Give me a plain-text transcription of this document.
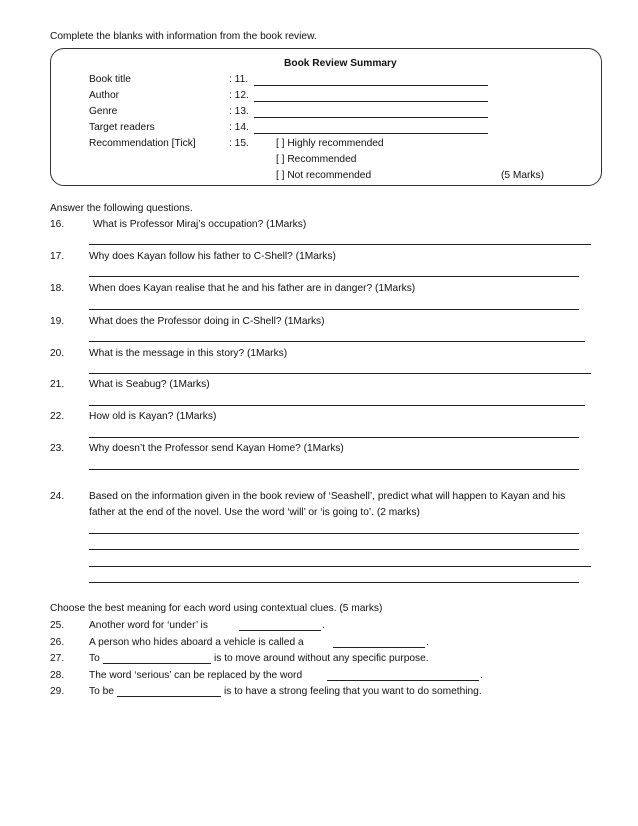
Complete the blanks with information from the book review.
Book Review Summary
Book title	: 11.
Author	: 12.
Genre	: 13.
Target readers	: 14.
Recommendation [Tick]	: 15.	[ ] Highly recommended
[ ] Recommended
[ ] Not recommended	(5 Marks)
Answer the following questions.
16.	What is Professor Miraj’s occupation? (1Marks)
17. Why does Kayan follow his father to C-Shell? (1Marks)
18. When does Kayan realise that he and his father are in danger? (1Marks)
19. What does the Professor doing in C-Shell? (1Marks)
20. What is the message in this story? (1Marks)
21. What is Seabug? (1Marks)
22. How old is Kayan? (1Marks)
23. Why doesn’t the Professor send Kayan Home? (1Marks)
24. Based on the information given in the book review of ‘Seashell’, predict what will happen to Kayan and his
father at the end of the novel. Use the word ‘will’ or ‘is going to’. (2 marks)
Choose the best meaning for each word using contextual clues. (5 marks)
25. Another word for ‘under’ is	.
26. A person who hides aboard a vehicle is called a	.
27. To	is to move around without any specific purpose.
28. The word ‘serious’ can be replaced by the word	.
29. To be	is to have a strong feeling that you want to do something.
